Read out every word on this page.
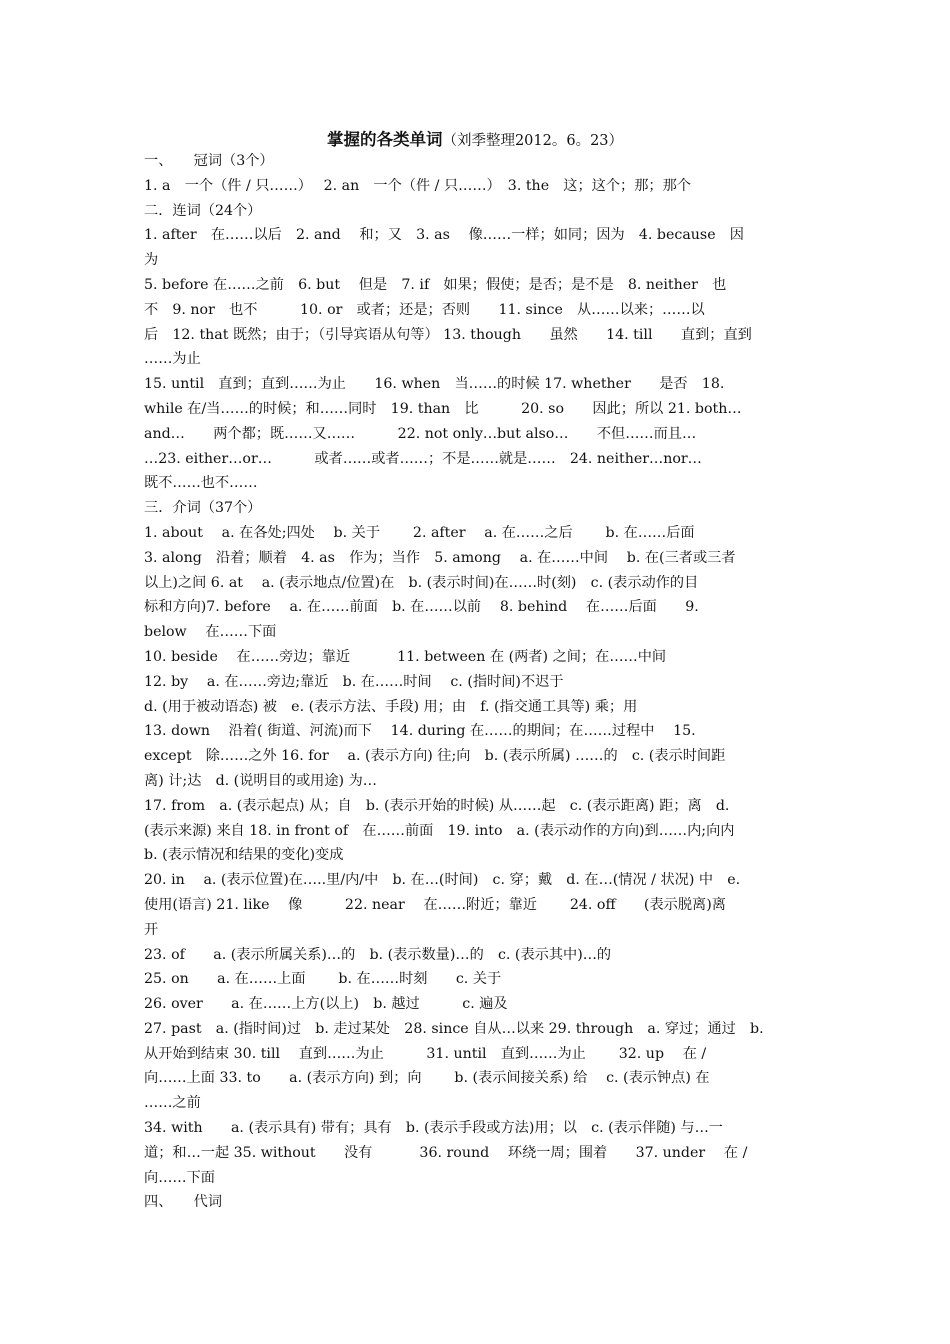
掌握的各类单词（刘季整理2012。6。23）
一、　　冠词（3个）
1. a　一个（件 / 只……）　 2. an　一个（件 / 只……）　3. the　这；这个；那；那个
二．连词（24个）
1. after　在……以后　2. and　 和；又　3. as　 像……一样；如同；因为　4. because　因
为
5. before 在……之前　6. but　 但是　7. if　如果；假使；是否；是不是　8. neither　也
不　9. nor　也不　　　10. or　或者；还是；否则　　11. since　从……以来；……以
后　12. that 既然；由于；（引导宾语从句等） 13. though　　虽然　　14. till　　直到；直到
……为止
15. until　直到；直到……为止　　16. when　当……的时候 17. whether　　是否　18.
while 在/当……的时候；和……同时　19. than　比　　　20. so　　因此；所以 21. both…
and…　　两个都；既……又……　　　22. not only…but also…　　不但……而且…
…23. either…or…　　　或者……或者……；不是……就是……　24. neither…nor…
既不……也不……
三．介词（37个）
1. about　 a. 在各处;四处　 b. 关于　　 2. after　 a. 在……之后　　 b. 在……后面
3. along　沿着；顺着　4. as　作为；当作　5. among　 a. 在……中间　 b. 在(三者或三者
以上)之间 6. at　 a. (表示地点/位置)在　b. (表示时间)在……时(刻)　c. (表示动作的目
标和方向)7. before　 a. 在……前面　b. 在……以前　 8. behind　 在……后面　　9.
below　 在……下面
10. beside　 在……旁边；靠近　　　 11. between 在 (两者) 之间；在……中间
12. by　 a. 在……旁边;靠近　b. 在……时间　 c. (指时间)不迟于
d. (用于被动语态) 被　e. (表示方法、手段) 用；由　f. (指交通工具等) 乘；用
13. down　 沿着( 街道、河流)而下　 14. during 在……的期间；在……过程中　 15.
except　除……之外 16. for　 a. (表示方向) 往;向　b. (表示所属) ……的　c. (表示时间距
离) 计;达　d. (说明目的或用途) 为…
17. from　a. (表示起点) 从；自　b. (表示开始的时候) 从……起　c. (表示距离) 距；离　d.
(表示来源) 来自 18. in front of　在……前面　19. into　a. (表示动作的方向)到……内;向内
b. (表示情况和结果的变化)变成
20. in　 a. (表示位置)在…..里/内/中　b. 在…(时间)　c. 穿；戴　d. 在…(情况 / 状况) 中　e.
使用(语言) 21. like　 像　　　22. near　 在……附近；靠近　　 24. off　　(表示脱离)离
开
23. of　　a. (表示所属关系)…的　b. (表示数量)…的　c. (表示其中)…的
25. on　　a. 在……上面　　 b. 在……时刻　　c. 关于
26. over　　a. 在……上方(以上)　b. 越过　　　c. 遍及
27. past　a. (指时间)过　b. 走过某处　28. since 自从…以来 29. through　a. 穿过；通过　b.
从开始到结束 30. till　 直到……为止　　　31. until　直到……为止　　 32. up　 在 /
向……上面 33. to　　a. (表示方向) 到；向　　 b. (表示间接关系) 给　 c. (表示钟点) 在
……之前
34. with　　a. (表示具有) 带有；具有　b. (表示手段或方法)用；以　c. (表示伴随) 与…一
道；和…一起 35. without　　没有　　　 36. round　 环绕一周；围着　　37. under　 在 /
向……下面
四、　　代词
